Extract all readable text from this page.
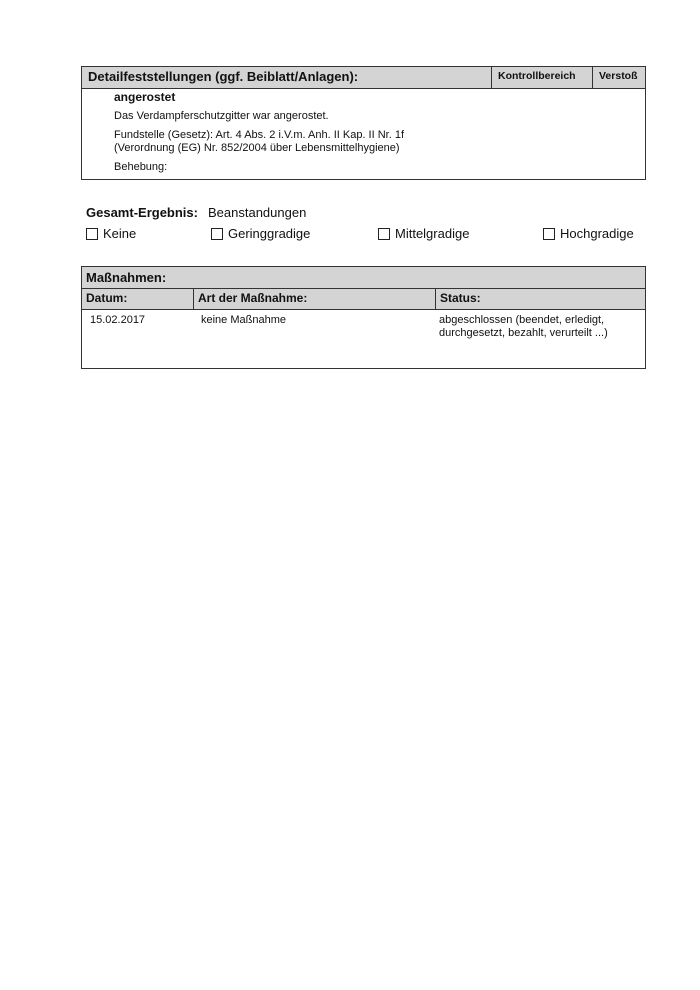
Detailfeststellungen (ggf. Beiblatt/Anlagen):	Kontrollbereich	Verstoß
angerostet
Das Verdampferschutzgitter war angerostet.
Fundstelle (Gesetz): Art. 4 Abs. 2 i.V.m. Anh. II Kap. II Nr. 1f
(Verordnung (EG) Nr. 852/2004 über Lebensmittelhygiene)
Behebung:
Gesamt-Ergebnis: Beanstandungen
Keine	Geringgradige	Mittelgradige	Hochgradige
Maßnahmen:
Datum:	Art der Maßnahme:	Status:
15.02.2017	keine Maßnahme	abgeschlossen (beendet, erledigt,
durchgesetzt, bezahlt, verurteilt ...)
